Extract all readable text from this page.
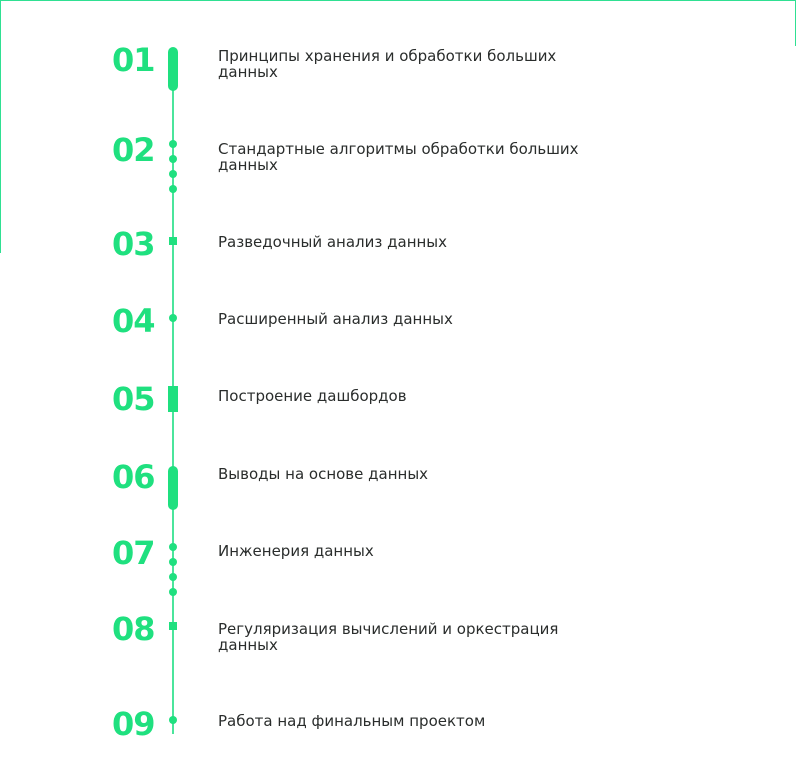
01	Принципы хранения и обработки больших данных
02	Стандартные алгоритмы обработки больших данных
03	Разведочный анализ данных
04	Расширенный анализ данных
05	Построение дашбордов
06	Выводы на основе данных
07	Инженерия данных
08	Регуляризация вычислений и оркестрация данных
09	Работа над финальным проектом
